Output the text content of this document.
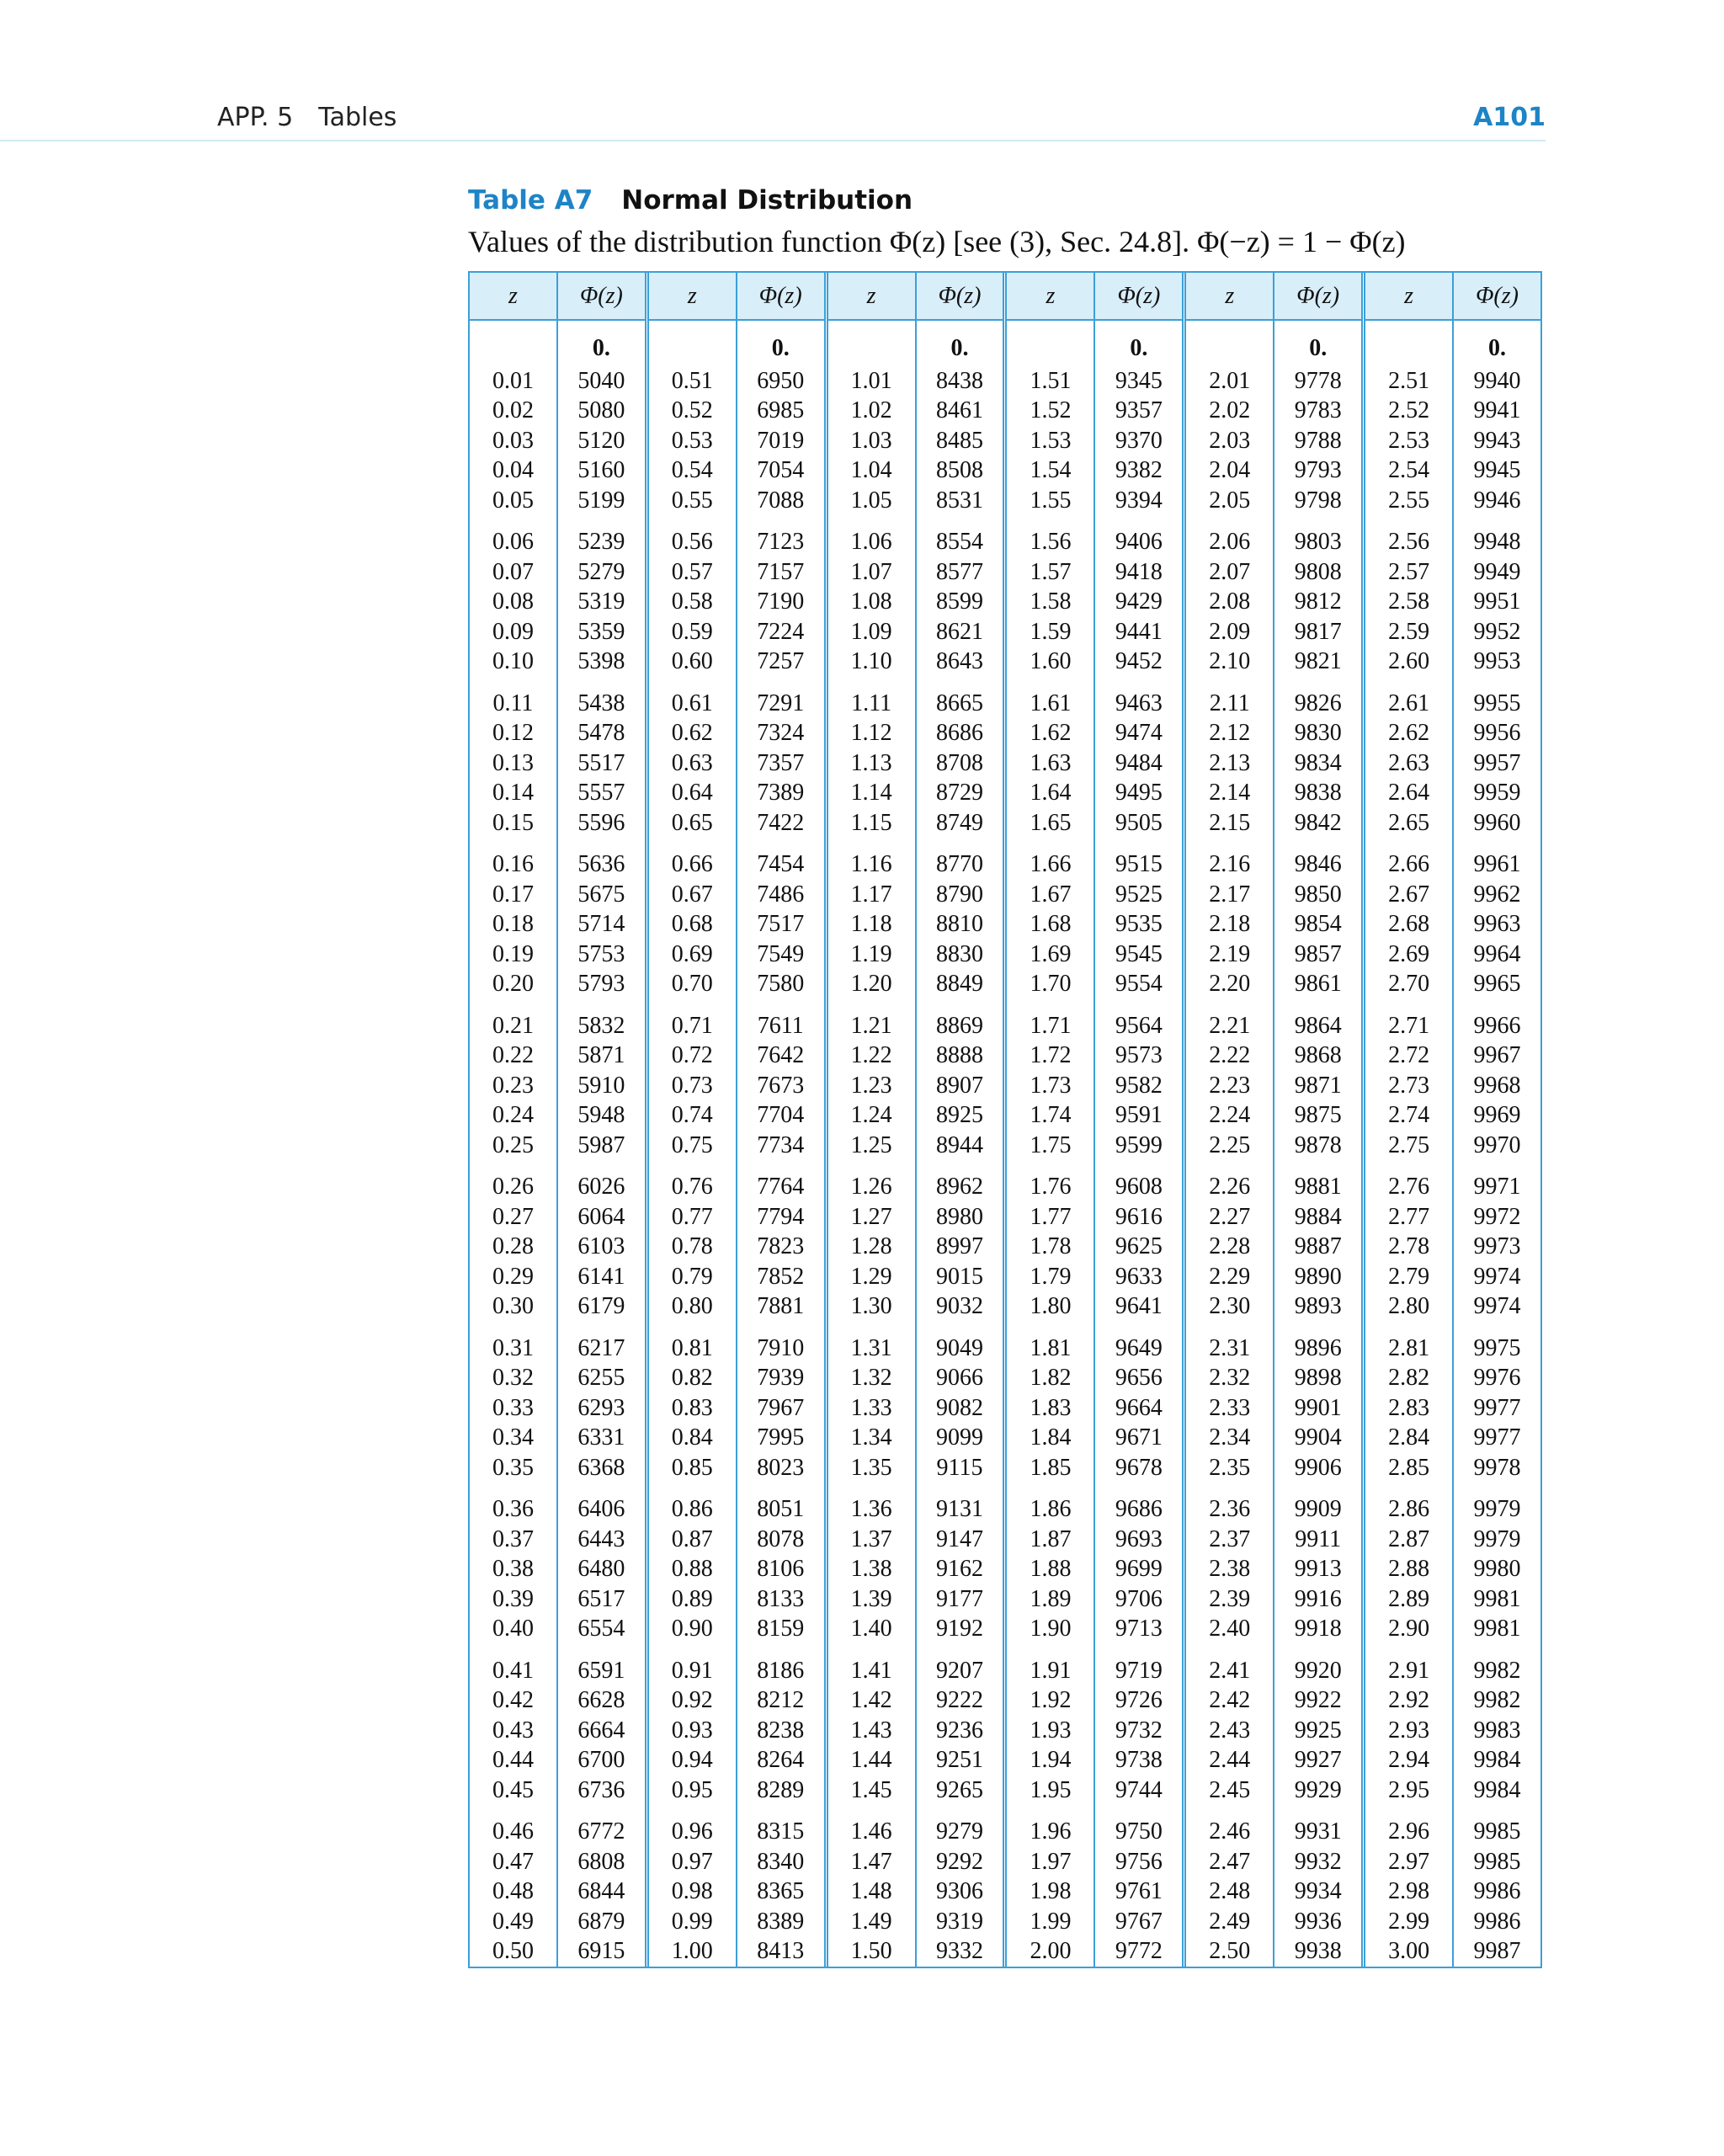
APP. 5 Tables	A101
Table A7 Normal Distribution
Values of the distribution function Φ(z) [see (3), Sec. 24.8]. Φ(−z) = 1 − Φ(z)
z
0.01
0.02
0.03
0.04
0.05
0.06
0.07
0.08
0.09
0.10
0.11
0.12
0.13
0.14
0.15
0.16
0.17
0.18
0.19
0.20
0.21
0.22
0.23
0.24
0.25
0.26
0.27
0.28
0.29
0.30
0.31
0.32
0.33
0.34
0.35
0.36
0.37
0.38
0.39
0.40
0.41
0.42
0.43
0.44
0.45
0.46
0.47
0.48
0.49
0.50
Φ(z)
0.
5040
5080
5120
5160
5199
5239
5279
5319
5359
5398
5438
5478
5517
5557
5596
5636
5675
5714
5753
5793
5832
5871
5910
5948
5987
6026
6064
6103
6141
6179
6217
6255
6293
6331
6368
6406
6443
6480
6517
6554
6591
6628
6664
6700
6736
6772
6808
6844
6879
6915
z
0.51
0.52
0.53
0.54
0.55
0.56
0.57
0.58
0.59
0.60
0.61
0.62
0.63
0.64
0.65
0.66
0.67
0.68
0.69
0.70
0.71
0.72
0.73
0.74
0.75
0.76
0.77
0.78
0.79
0.80
0.81
0.82
0.83
0.84
0.85
0.86
0.87
0.88
0.89
0.90
0.91
0.92
0.93
0.94
0.95
0.96
0.97
0.98
0.99
1.00
Φ(z)
0.
6950
6985
7019
7054
7088
7123
7157
7190
7224
7257
7291
7324
7357
7389
7422
7454
7486
7517
7549
7580
7611
7642
7673
7704
7734
7764
7794
7823
7852
7881
7910
7939
7967
7995
8023
8051
8078
8106
8133
8159
8186
8212
8238
8264
8289
8315
8340
8365
8389
8413
z
1.01
1.02
1.03
1.04
1.05
1.06
1.07
1.08
1.09
1.10
1.11
1.12
1.13
1.14
1.15
1.16
1.17
1.18
1.19
1.20
1.21
1.22
1.23
1.24
1.25
1.26
1.27
1.28
1.29
1.30
1.31
1.32
1.33
1.34
1.35
1.36
1.37
1.38
1.39
1.40
1.41
1.42
1.43
1.44
1.45
1.46
1.47
1.48
1.49
1.50
Φ(z)
0.
8438
8461
8485
8508
8531
8554
8577
8599
8621
8643
8665
8686
8708
8729
8749
8770
8790
8810
8830
8849
8869
8888
8907
8925
8944
8962
8980
8997
9015
9032
9049
9066
9082
9099
9115
9131
9147
9162
9177
9192
9207
9222
9236
9251
9265
9279
9292
9306
9319
9332
z
1.51
1.52
1.53
1.54
1.55
1.56
1.57
1.58
1.59
1.60
1.61
1.62
1.63
1.64
1.65
1.66
1.67
1.68
1.69
1.70
1.71
1.72
1.73
1.74
1.75
1.76
1.77
1.78
1.79
1.80
1.81
1.82
1.83
1.84
1.85
1.86
1.87
1.88
1.89
1.90
1.91
1.92
1.93
1.94
1.95
1.96
1.97
1.98
1.99
2.00
Φ(z)
0.
9345
9357
9370
9382
9394
9406
9418
9429
9441
9452
9463
9474
9484
9495
9505
9515
9525
9535
9545
9554
9564
9573
9582
9591
9599
9608
9616
9625
9633
9641
9649
9656
9664
9671
9678
9686
9693
9699
9706
9713
9719
9726
9732
9738
9744
9750
9756
9761
9767
9772
z
2.01
2.02
2.03
2.04
2.05
2.06
2.07
2.08
2.09
2.10
2.11
2.12
2.13
2.14
2.15
2.16
2.17
2.18
2.19
2.20
2.21
2.22
2.23
2.24
2.25
2.26
2.27
2.28
2.29
2.30
2.31
2.32
2.33
2.34
2.35
2.36
2.37
2.38
2.39
2.40
2.41
2.42
2.43
2.44
2.45
2.46
2.47
2.48
2.49
2.50
Φ(z)
0.
9778
9783
9788
9793
9798
9803
9808
9812
9817
9821
9826
9830
9834
9838
9842
9846
9850
9854
9857
9861
9864
9868
9871
9875
9878
9881
9884
9887
9890
9893
9896
9898
9901
9904
9906
9909
9911
9913
9916
9918
9920
9922
9925
9927
9929
9931
9932
9934
9936
9938
z
2.51
2.52
2.53
2.54
2.55
2.56
2.57
2.58
2.59
2.60
2.61
2.62
2.63
2.64
2.65
2.66
2.67
2.68
2.69
2.70
2.71
2.72
2.73
2.74
2.75
2.76
2.77
2.78
2.79
2.80
2.81
2.82
2.83
2.84
2.85
2.86
2.87
2.88
2.89
2.90
2.91
2.92
2.93
2.94
2.95
2.96
2.97
2.98
2.99
3.00
Φ(z)
0.
9940
9941
9943
9945
9946
9948
9949
9951
9952
9953
9955
9956
9957
9959
9960
9961
9962
9963
9964
9965
9966
9967
9968
9969
9970
9971
9972
9973
9974
9974
9975
9976
9977
9977
9978
9979
9979
9980
9981
9981
9982
9982
9983
9984
9984
9985
9985
9986
9986
9987
